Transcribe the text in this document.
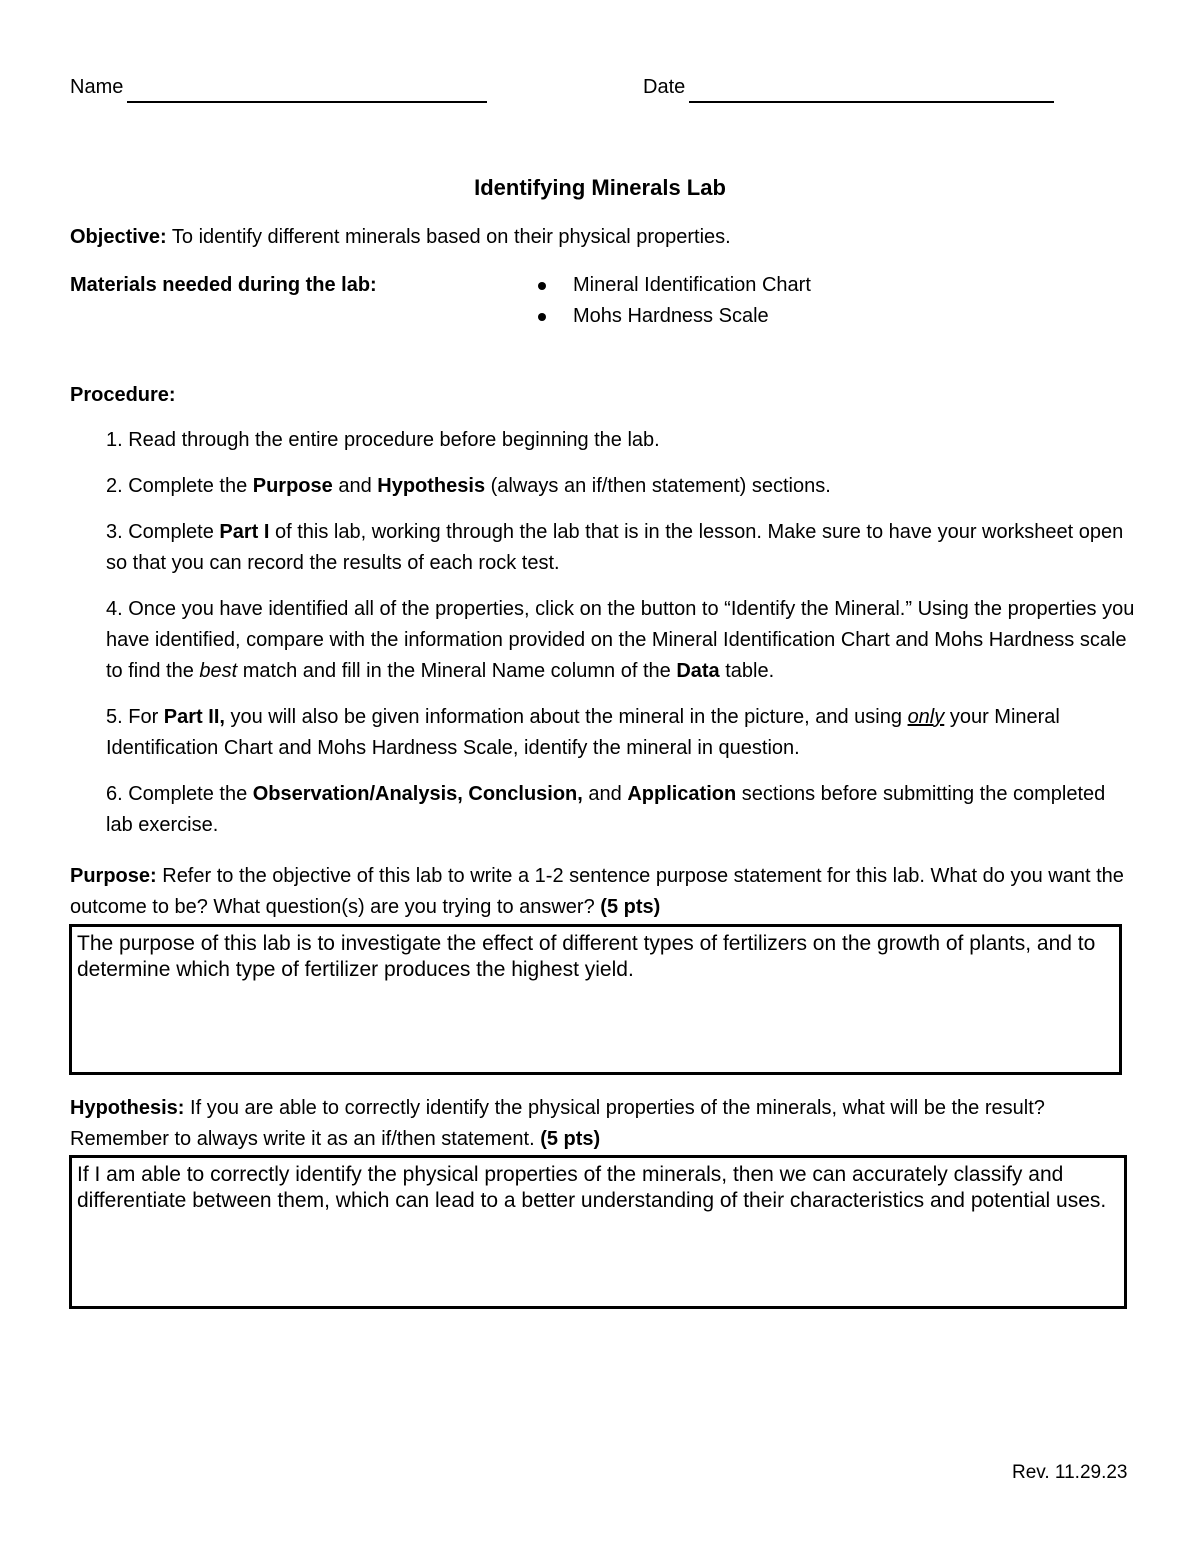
Name	Date
Identifying Minerals Lab
Objective: To identify different minerals based on their physical properties.
Materials needed during the lab:	Mineral Identification Chart
Mohs Hardness Scale
Procedure:
1. Read through the entire procedure before beginning the lab.
2. Complete the Purpose and Hypothesis (always an if/then statement) sections.
3. Complete Part I of this lab, working through the lab that is in the lesson. Make sure to have your worksheet open so that you can record the results of each rock test.
4. Once you have identified all of the properties, click on the button to “Identify the Mineral.” Using the properties you have identified, compare with the information provided on the Mineral Identification Chart and Mohs Hardness scale to find the best match and fill in the Mineral Name column of the Data table.
5. For Part II, you will also be given information about the mineral in the picture, and using only your Mineral Identification Chart and Mohs Hardness Scale, identify the mineral in question.
6. Complete the Observation/Analysis, Conclusion, and Application sections before submitting the completed lab exercise.
Purpose: Refer to the objective of this lab to write a 1-2 sentence purpose statement for this lab. What do you want the outcome to be? What question(s) are you trying to answer? (5 pts)
The purpose of this lab is to investigate the effect of different types of fertilizers on the growth of plants, and to determine which type of fertilizer produces the highest yield.
Hypothesis: If you are able to correctly identify the physical properties of the minerals, what will be the result? Remember to always write it as an if/then statement. (5 pts)
If I am able to correctly identify the physical properties of the minerals, then we can accurately classify and differentiate between them, which can lead to a better understanding of their characteristics and potential uses.
Rev. 11.29.23
